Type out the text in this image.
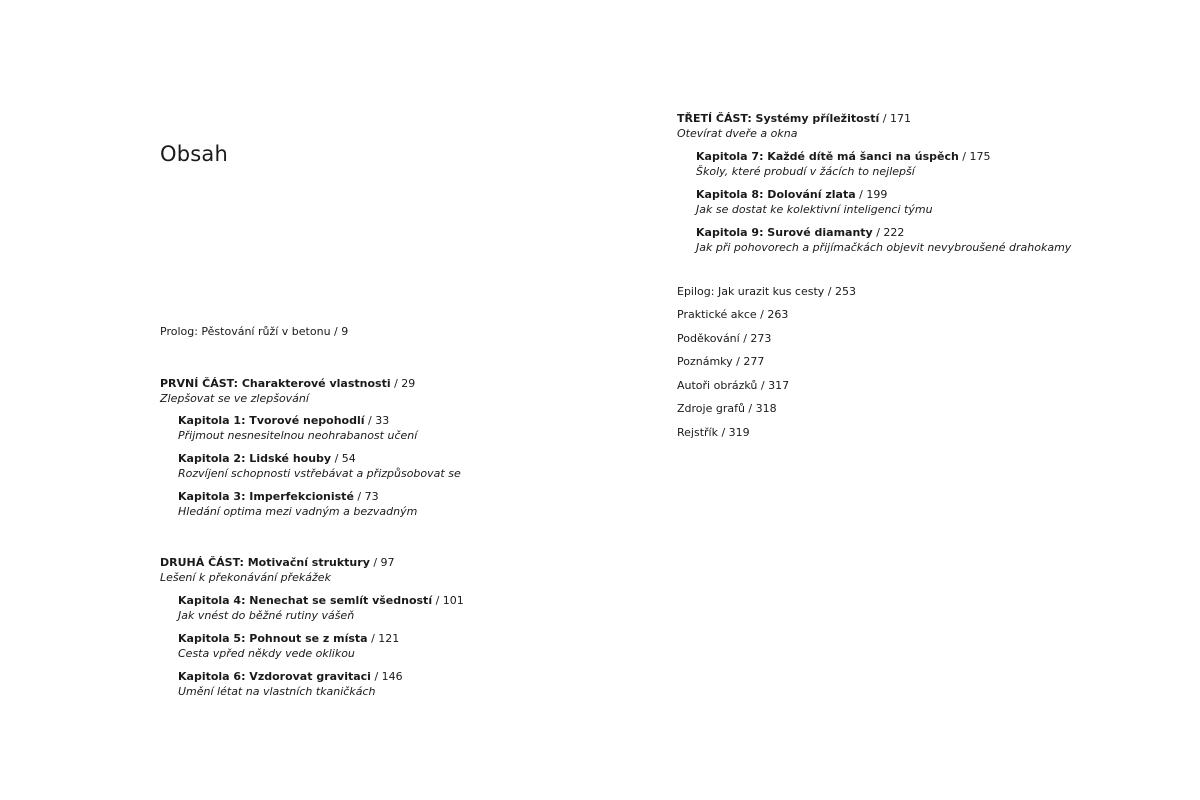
Obsah
Prolog: Pěstování růží v betonu / 9
PRVNÍ ČÁST: Charakterové vlastnosti / 29
Zlepšovat se ve zlepšování
Kapitola 1: Tvorové nepohodlí / 33
Přijmout nesnesitelnou neohrabanost učení
Kapitola 2: Lidské houby / 54
Rozvíjení schopnosti vstřebávat a přizpůsobovat se
Kapitola 3: Imperfekcionisté / 73
Hledání optima mezi vadným a bezvadným
DRUHÁ ČÁST: Motivační struktury / 97
Lešení k překonávání překážek
Kapitola 4: Nenechat se semlít všedností / 101
Jak vnést do běžné rutiny vášeň
Kapitola 5: Pohnout se z místa / 121
Cesta vpřed někdy vede oklikou
Kapitola 6: Vzdorovat gravitaci / 146
Umění létat na vlastních tkaničkách
TŘETÍ ČÁST: Systémy příležitostí / 171
Otevírat dveře a okna
Kapitola 7: Každé dítě má šanci na úspěch / 175
Školy, které probudí v žácích to nejlepší
Kapitola 8: Dolování zlata / 199
Jak se dostat ke kolektivní inteligenci týmu
Kapitola 9: Surové diamanty / 222
Jak při pohovorech a přijímačkách objevit nevybroušené drahokamy
Epilog: Jak urazit kus cesty / 253
Praktické akce / 263
Poděkování / 273
Poznámky / 277
Autoři obrázků / 317
Zdroje grafů / 318
Rejstřík / 319
